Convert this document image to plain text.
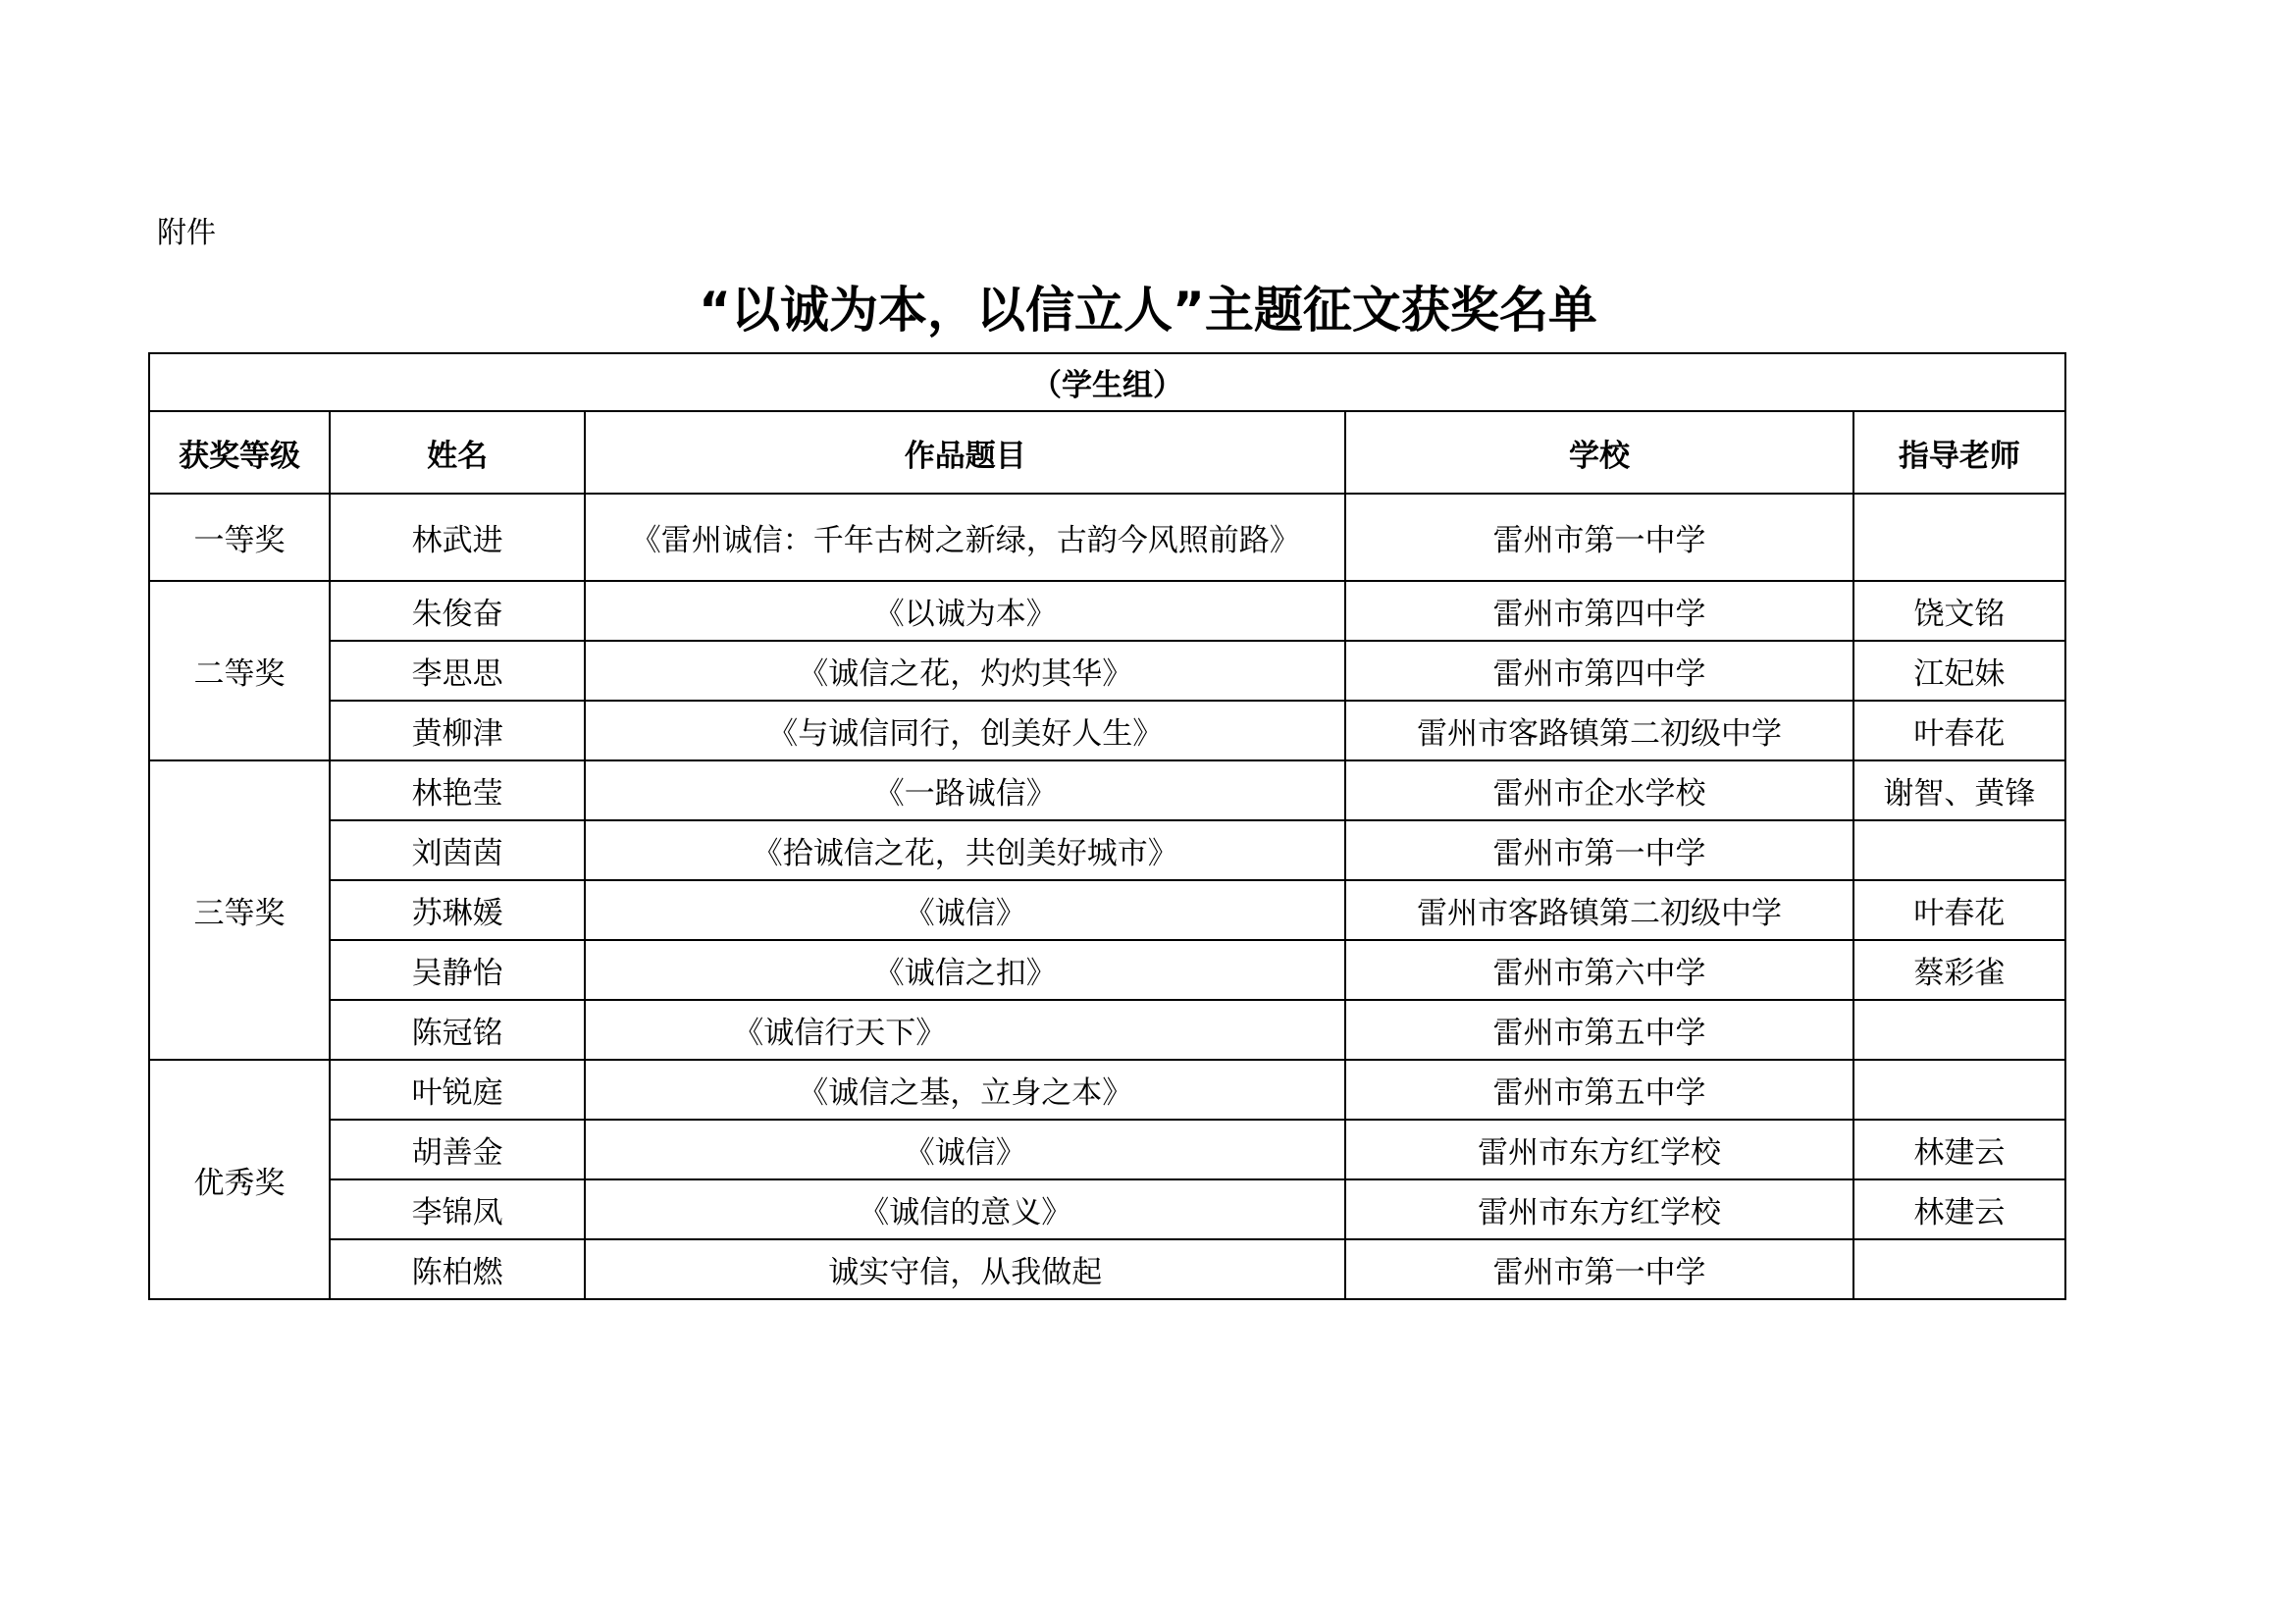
附件
“以诚为本，以信立人”主题征文获奖名单
（学生组）				
获奖等级	姓名	作品题目	学校	指导老师
一等奖	林武进	《雷州诚信：千年古树之新绿，古韵今风照前路》	雷州市第一中学	
二等奖	朱俊奋	《以诚为本》	雷州市第四中学	饶文铭
	李思思	《诚信之花，灼灼其华》	雷州市第四中学	江妃妹
	黄柳津	《与诚信同行，创美好人生》	雷州市客路镇第二初级中学	叶春花
三等奖	林艳莹	《一路诚信》	雷州市企水学校	谢智、黄锋
	刘茵茵	《拾诚信之花，共创美好城市》	雷州市第一中学	
	苏琳媛	《诚信》	雷州市客路镇第二初级中学	叶春花
	吴静怡	《诚信之扣》	雷州市第六中学	蔡彩雀
	陈冠铭	《诚信行天下》	雷州市第五中学	
优秀奖	叶锐庭	《诚信之基，立身之本》	雷州市第五中学	
	胡善金	《诚信》	雷州市东方红学校	林建云
	李锦凤	《诚信的意义》	雷州市东方红学校	林建云
	陈柏燃	诚实守信，从我做起	雷州市第一中学	
